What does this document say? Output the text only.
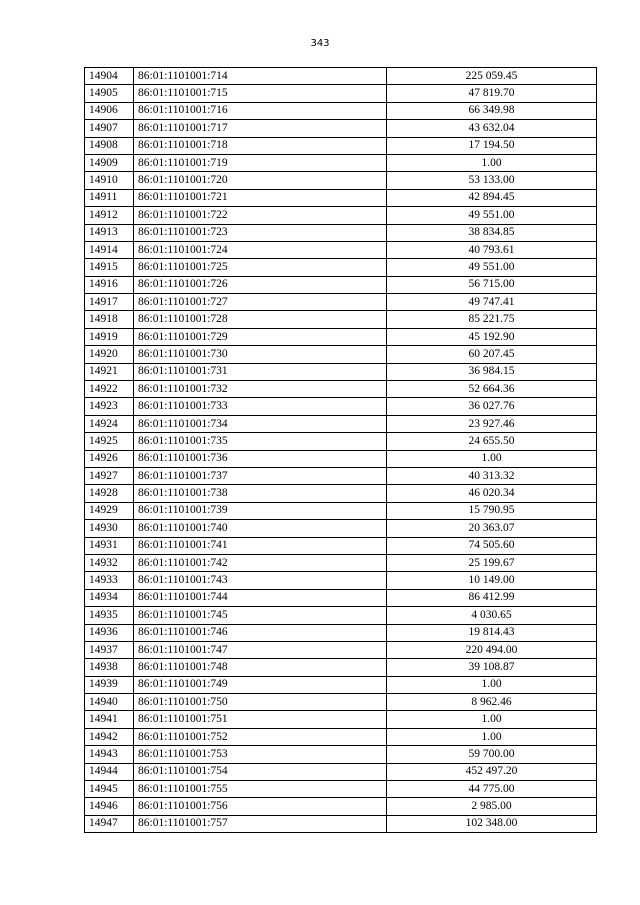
343
14904	86:01:1101001:714	225 059.45
14905	86:01:1101001:715	47 819.70
14906	86:01:1101001:716	66 349.98
14907	86:01:1101001:717	43 632.04
14908	86:01:1101001:718	17 194.50
14909	86:01:1101001:719	1.00
14910	86:01:1101001:720	53 133.00
14911	86:01:1101001:721	42 894.45
14912	86:01:1101001:722	49 551.00
14913	86:01:1101001:723	38 834.85
14914	86:01:1101001:724	40 793.61
14915	86:01:1101001:725	49 551.00
14916	86:01:1101001:726	56 715.00
14917	86:01:1101001:727	49 747.41
14918	86:01:1101001:728	85 221.75
14919	86:01:1101001:729	45 192.90
14920	86:01:1101001:730	60 207.45
14921	86:01:1101001:731	36 984.15
14922	86:01:1101001:732	52 664.36
14923	86:01:1101001:733	36 027.76
14924	86:01:1101001:734	23 927.46
14925	86:01:1101001:735	24 655.50
14926	86:01:1101001:736	1.00
14927	86:01:1101001:737	40 313.32
14928	86:01:1101001:738	46 020.34
14929	86:01:1101001:739	15 790.95
14930	86:01:1101001:740	20 363.07
14931	86:01:1101001:741	74 505.60
14932	86:01:1101001:742	25 199.67
14933	86:01:1101001:743	10 149.00
14934	86:01:1101001:744	86 412.99
14935	86:01:1101001:745	4 030.65
14936	86:01:1101001:746	19 814.43
14937	86:01:1101001:747	220 494.00
14938	86:01:1101001:748	39 108.87
14939	86:01:1101001:749	1.00
14940	86:01:1101001:750	8 962.46
14941	86:01:1101001:751	1.00
14942	86:01:1101001:752	1.00
14943	86:01:1101001:753	59 700.00
14944	86:01:1101001:754	452 497.20
14945	86:01:1101001:755	44 775.00
14946	86:01:1101001:756	2 985.00
14947	86:01:1101001:757	102 348.00
